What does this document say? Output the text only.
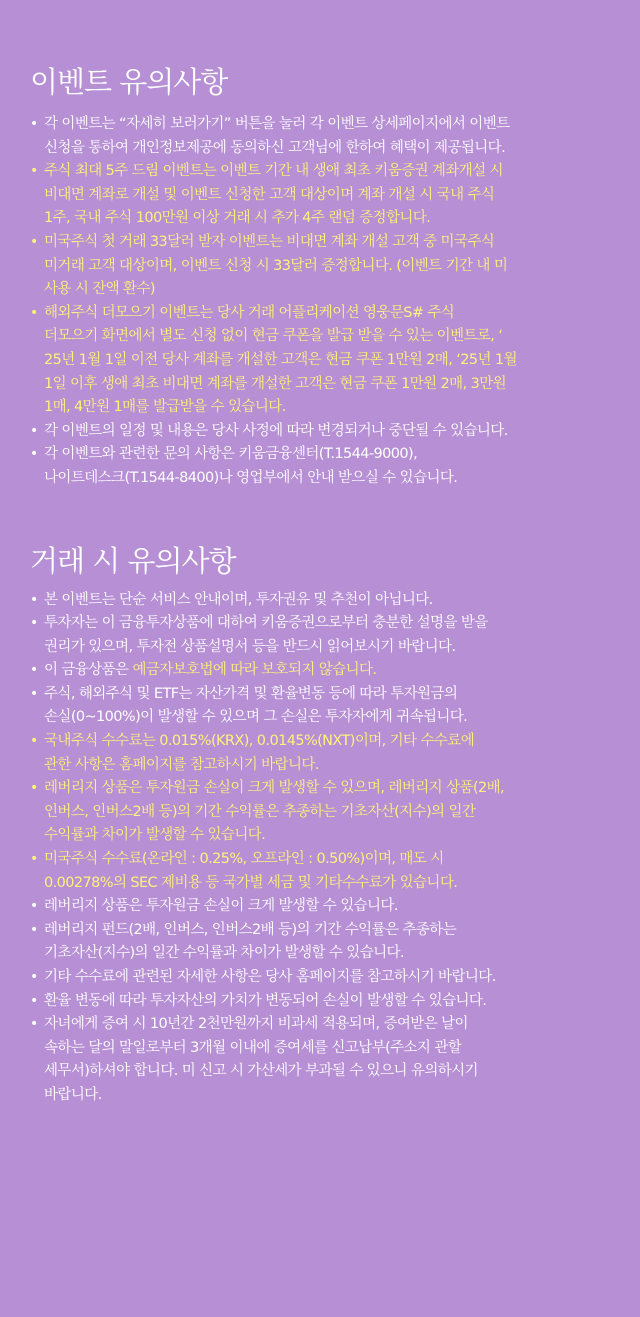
이벤트 유의사항
• 각 이벤트는 “자세히 보러가기” 버튼을 눌러 각 이벤트 상세페이지에서 이벤트
신청을 통하여 개인정보제공에 동의하신 고객님에 한하여 혜택이 제공됩니다.
• 주식 최대 5주 드림 이벤트는 이벤트 기간 내 생애 최초 키움증권 계좌개설 시
비대면 계좌로 개설 및 이벤트 신청한 고객 대상이며 계좌 개설 시 국내 주식
1주, 국내 주식 100만원 이상 거래 시 추가 4주 랜덤 증정합니다.
• 미국주식 첫 거래 33달러 받자 이벤트는 비대면 계좌 개설 고객 중 미국주식
미거래 고객 대상이며, 이벤트 신청 시 33달러 증정합니다. (이벤트 기간 내 미
사용 시 잔액 환수)
• 해외주식 더모으기 이벤트는 당사 거래 어플리케이션 영웅문S# 주식
더모으기 화면에서 별도 신청 없이 현금 쿠폰을 발급 받을 수 있는 이벤트로, ‘
25년 1월 1일 이전 당사 계좌를 개설한 고객은 현금 쿠폰 1만원 2매, ‘25년 1월
1일 이후 생애 최초 비대면 계좌를 개설한 고객은 현금 쿠폰 1만원 2매, 3만원
1매, 4만원 1매를 발급받을 수 있습니다.
• 각 이벤트의 일정 및 내용은 당사 사정에 따라 변경되거나 중단될 수 있습니다.
• 각 이벤트와 관련한 문의 사항은 키움금융센터(T.1544-9000),
나이트데스크(T.1544-8400)나 영업부에서 안내 받으실 수 있습니다.
거래 시 유의사항
• 본 이벤트는 단순 서비스 안내이며, 투자권유 및 추천이 아닙니다.
• 투자자는 이 금융투자상품에 대하여 키움증권으로부터 충분한 설명을 받을
권리가 있으며, 투자전 상품설명서 등을 반드시 읽어보시기 바랍니다.
• 이 금융상품은 예금자보호법에 따라 보호되지 않습니다.
• 주식, 해외주식 및 ETF는 자산가격 및 환율변동 등에 따라 투자원금의
손실(0~100%)이 발생할 수 있으며 그 손실은 투자자에게 귀속됩니다.
• 국내주식 수수료는 0.015%(KRX), 0.0145%(NXT)이며, 기타 수수료에
관한 사항은 홈페이지를 참고하시기 바랍니다.
• 레버리지 상품은 투자원금 손실이 크게 발생할 수 있으며, 레버리지 상품(2배,
인버스, 인버스2배 등)의 기간 수익률은 추종하는 기초자산(지수)의 일간
수익률과 차이가 발생할 수 있습니다.
• 미국주식 수수료(온라인 : 0.25%, 오프라인 : 0.50%)이며, 매도 시
0.00278%의 SEC 제비용 등 국가별 세금 및 기타수수료가 있습니다.
• 레버리지 상품은 투자원금 손실이 크게 발생할 수 있습니다.
• 레버리지 펀드(2배, 인버스, 인버스2배 등)의 기간 수익률은 추종하는
기초자산(지수)의 일간 수익률과 차이가 발생할 수 있습니다.
• 기타 수수료에 관련된 자세한 사항은 당사 홈페이지를 참고하시기 바랍니다.
• 환율 변동에 따라 투자자산의 가치가 변동되어 손실이 발생할 수 있습니다.
• 자녀에게 증여 시 10년간 2천만원까지 비과세 적용되며, 증여받은 날이
속하는 달의 말일로부터 3개월 이내에 증여세를 신고납부(주소지 관할
세무서)하셔야 합니다. 미 신고 시 가산세가 부과될 수 있으니 유의하시기
바랍니다.
